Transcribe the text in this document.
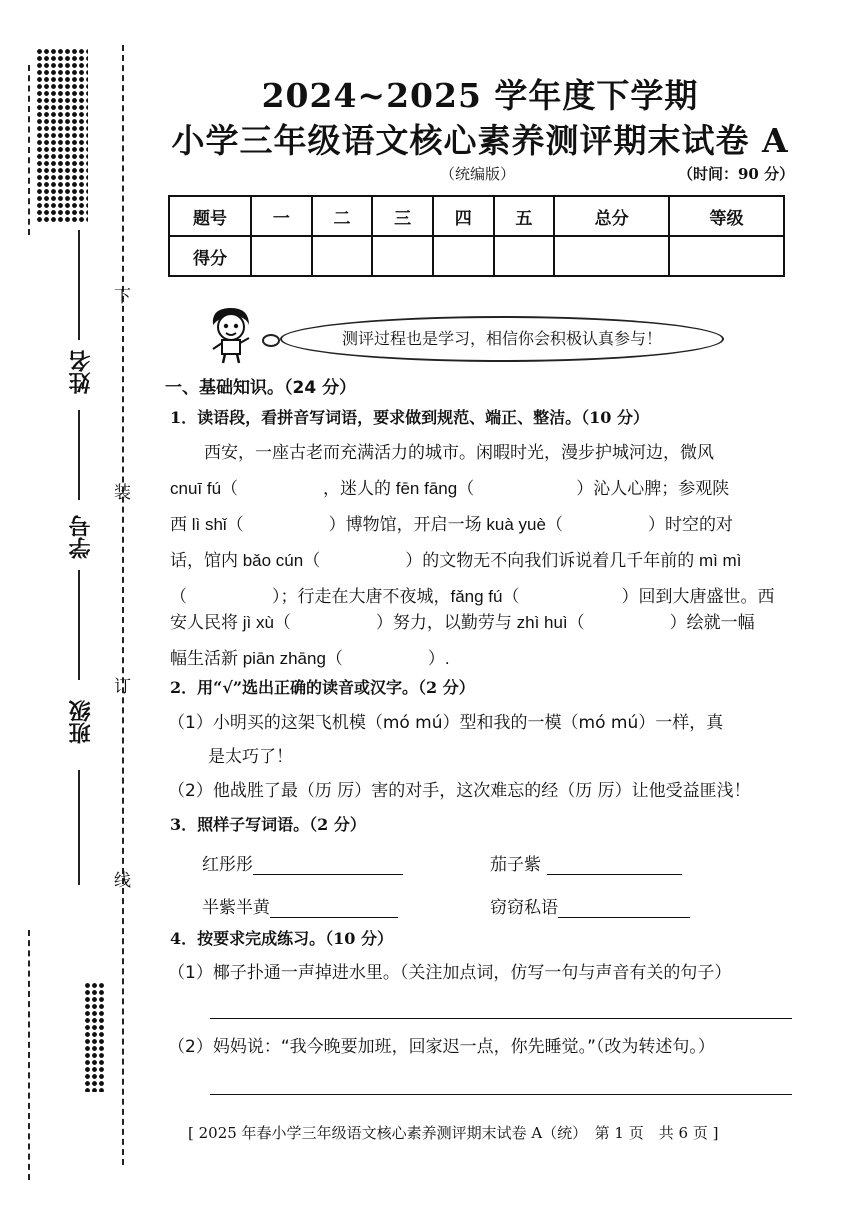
姓名
学号
班级
下
装
订
线
2024~2025 学年度下学期
小学三年级语文核心素养测评期末试卷 A
（统编版）	（时间：90 分）
题号	一	二	三	四	五	总分	等级
得分							
测评过程也是学习，相信你会积极认真参与！
一、基础知识。（24 分）
1．读语段，看拼音写词语，要求做到规范、端正、整洁。（10 分）
　　西安，一座古老而充满活力的城市。闲暇时光，漫步护城河边，微风
cnuī fú（　　　　　，迷人的 fēn fāng（　　　　　　）沁人心脾；参观陕
西 lì shǐ（　　　　　）博物馆，开启一场 kuà yuè（　　　　　）时空的对
话，馆内 bǎo cún（　　　　　）的文物无不向我们诉说着几千年前的 mì mì
（　　　　　）；行走在大唐不夜城，fǎng fú（　　　　　　）回到大唐盛世。西
安人民将 jì xù（　　　　　）努力，以勤劳与 zhì huì（　　　　　）绘就一幅
幅生活新 piān zhāng（　　　　　）.
2．用“√”选出正确的读音或汉字。（2 分）
（1）小明买的这架飞机模（mó mú）型和我的一模（mó mú）一样，真
是太巧了！
（2）他战胜了最（历 厉）害的对手，这次难忘的经（历 厉）让他受益匪浅！
3．照样子写词语。（2 分）
红彤彤	茄子紫
半紫半黄	窃窃私语
4．按要求完成练习。（10 分）
（1）椰子扑通一声掉进水里。（关注加点词，仿写一句与声音有关的句子）
（2）妈妈说：“我今晚要加班，回家迟一点，你先睡觉。”（改为转述句。）
[ 2025 年春小学三年级语文核心素养测评期末试卷 A（统）　第 1 页　共 6 页 ]
